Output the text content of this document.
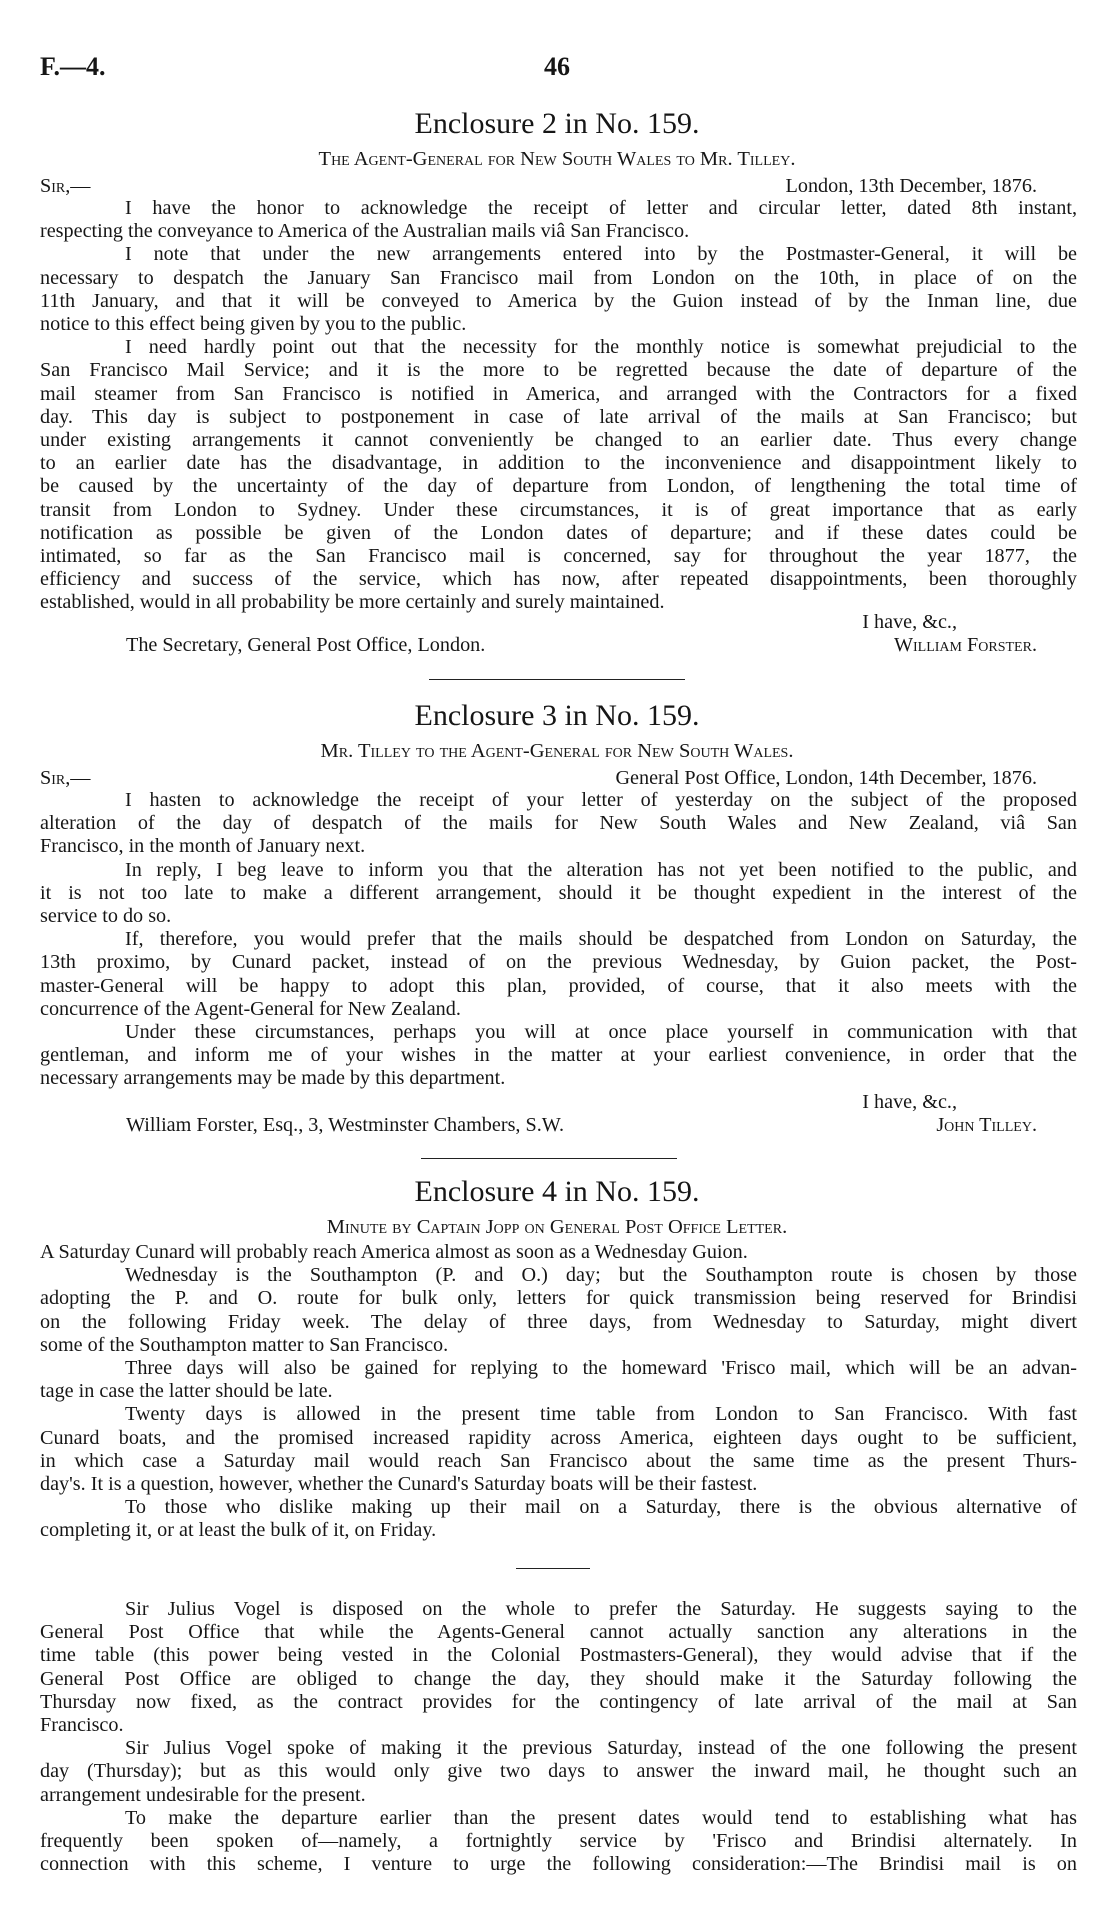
F.—4.	46
Enclosure 2 in No. 159.
The Agent-General for New South Wales to Mr. Tilley.
Sir,—	London, 13th December, 1876.
I have the honor to acknowledge the receipt of letter and circular letter, dated 8th instant,
respecting the conveyance to America of the Australian mails viâ San Francisco.
I note that under the new arrangements entered into by the Postmaster-General, it will be
necessary to despatch the January San Francisco mail from London on the 10th, in place of on the
11th January, and that it will be conveyed to America by the Guion instead of by the Inman line, due
notice to this effect being given by you to the public.
I need hardly point out that the necessity for the monthly notice is somewhat prejudicial to the
San Francisco Mail Service; and it is the more to be regretted because the date of departure of the
mail steamer from San Francisco is notified in America, and arranged with the Contractors for a fixed
day. This day is subject to postponement in case of late arrival of the mails at San Francisco; but
under existing arrangements it cannot conveniently be changed to an earlier date. Thus every change
to an earlier date has the disadvantage, in addition to the inconvenience and disappointment likely to
be caused by the uncertainty of the day of departure from London, of lengthening the total time of
transit from London to Sydney. Under these circumstances, it is of great importance that as early
notification as possible be given of the London dates of departure; and if these dates could be
intimated, so far as the San Francisco mail is concerned, say for throughout the year 1877, the
efficiency and success of the service, which has now, after repeated disappointments, been thoroughly
established, would in all probability be more certainly and surely maintained.
I have, &c.,
The Secretary, General Post Office, London.	William Forster.
Enclosure 3 in No. 159.
Mr. Tilley to the Agent-General for New South Wales.
Sir,—	General Post Office, London, 14th December, 1876.
I hasten to acknowledge the receipt of your letter of yesterday on the subject of the proposed
alteration of the day of despatch of the mails for New South Wales and New Zealand, viâ San
Francisco, in the month of January next.
In reply, I beg leave to inform you that the alteration has not yet been notified to the public, and
it is not too late to make a different arrangement, should it be thought expedient in the interest of the
service to do so.
If, therefore, you would prefer that the mails should be despatched from London on Saturday, the
13th proximo, by Cunard packet, instead of on the previous Wednesday, by Guion packet, the Post-
master-General will be happy to adopt this plan, provided, of course, that it also meets with the
concurrence of the Agent-General for New Zealand.
Under these circumstances, perhaps you will at once place yourself in communication with that
gentleman, and inform me of your wishes in the matter at your earliest convenience, in order that the
necessary arrangements may be made by this department.
I have, &c.,
William Forster, Esq., 3, Westminster Chambers, S.W.	John Tilley.
Enclosure 4 in No. 159.
Minute by Captain Jopp on General Post Office Letter.
A Saturday Cunard will probably reach America almost as soon as a Wednesday Guion.
Wednesday is the Southampton (P. and O.) day; but the Southampton route is chosen by those
adopting the P. and O. route for bulk only, letters for quick transmission being reserved for Brindisi
on the following Friday week. The delay of three days, from Wednesday to Saturday, might divert
some of the Southampton matter to San Francisco.
Three days will also be gained for replying to the homeward 'Frisco mail, which will be an advan-
tage in case the latter should be late.
Twenty days is allowed in the present time table from London to San Francisco. With fast
Cunard boats, and the promised increased rapidity across America, eighteen days ought to be sufficient,
in which case a Saturday mail would reach San Francisco about the same time as the present Thurs-
day's. It is a question, however, whether the Cunard's Saturday boats will be their fastest.
To those who dislike making up their mail on a Saturday, there is the obvious alternative of
completing it, or at least the bulk of it, on Friday.
Sir Julius Vogel is disposed on the whole to prefer the Saturday. He suggests saying to the
General Post Office that while the Agents-General cannot actually sanction any alterations in the
time table (this power being vested in the Colonial Postmasters-General), they would advise that if the
General Post Office are obliged to change the day, they should make it the Saturday following the
Thursday now fixed, as the contract provides for the contingency of late arrival of the mail at San
Francisco.
Sir Julius Vogel spoke of making it the previous Saturday, instead of the one following the present
day (Thursday); but as this would only give two days to answer the inward mail, he thought such an
arrangement undesirable for the present.
To make the departure earlier than the present dates would tend to establishing what has
frequently been spoken of—namely, a fortnightly service by 'Frisco and Brindisi alternately. In
connection with this scheme, I venture to urge the following consideration:—The Brindisi mail is on
